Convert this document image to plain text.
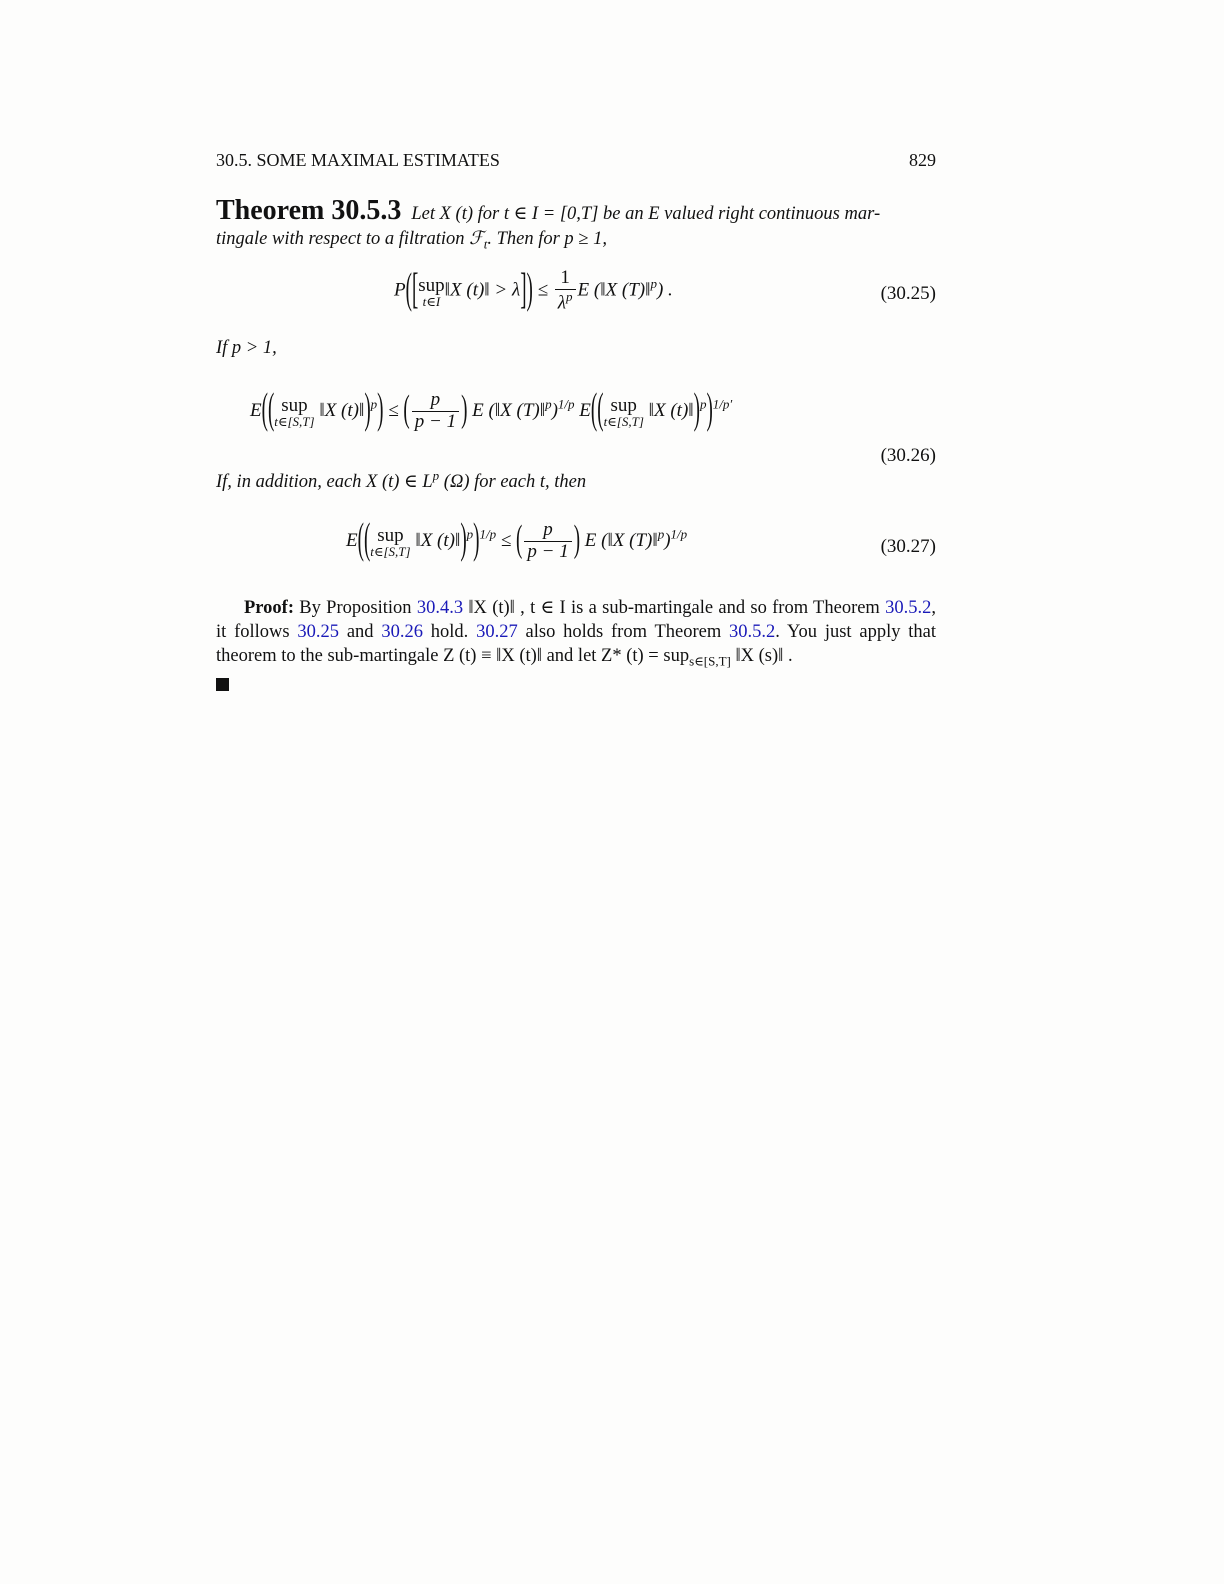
30.5. SOME MAXIMAL ESTIMATES	829
Theorem 30.5.3 Let X (t) for t ∈ I = [0,T] be an E valued right continuous mar-
tingale with respect to a filtration ℱ$_t$. Then for p ≥ 1,
P([sup
t∈I
‖X (t)‖ > $\lambda]) \le \frac{1}{\lambda^p}$ E (‖X (T)‖$^p$) .	(30.25)
If p > 1,
E(( sup
t∈[S,T]
‖X (t)‖)$^p$) ≤ ( $\frac{p}{p - 1}$ ) E (‖X (T)‖$^p$)$^{1/p}$ E(( sup
t∈[S,T]
‖X (t)‖)$^p$)$^{1/p'}$
(30.26)
If, in addition, each X (t) ∈ $L^p$ (Ω) for each t, then
E(( sup
t∈[S,T]
‖X (t)‖)$^p$)$^{1/p}$ ≤ ( $\frac{p}{p - 1}$ ) E (‖X (T)‖$^p$)$^{1/p}$
(30.27)
Proof: By Proposition 30.4.3 ‖X (t)‖ , t ∈ I is a sub-martingale and so from Theorem 30.5.2, it follows 30.25 and 30.26 hold. 30.27 also holds from Theorem 30.5.2. You just apply that theorem to the sub-martingale Z (t) ≡ ‖X (t)‖ and let Z* (t) = sup$_{s\in[S,T]}$ ‖X (s)‖ .
